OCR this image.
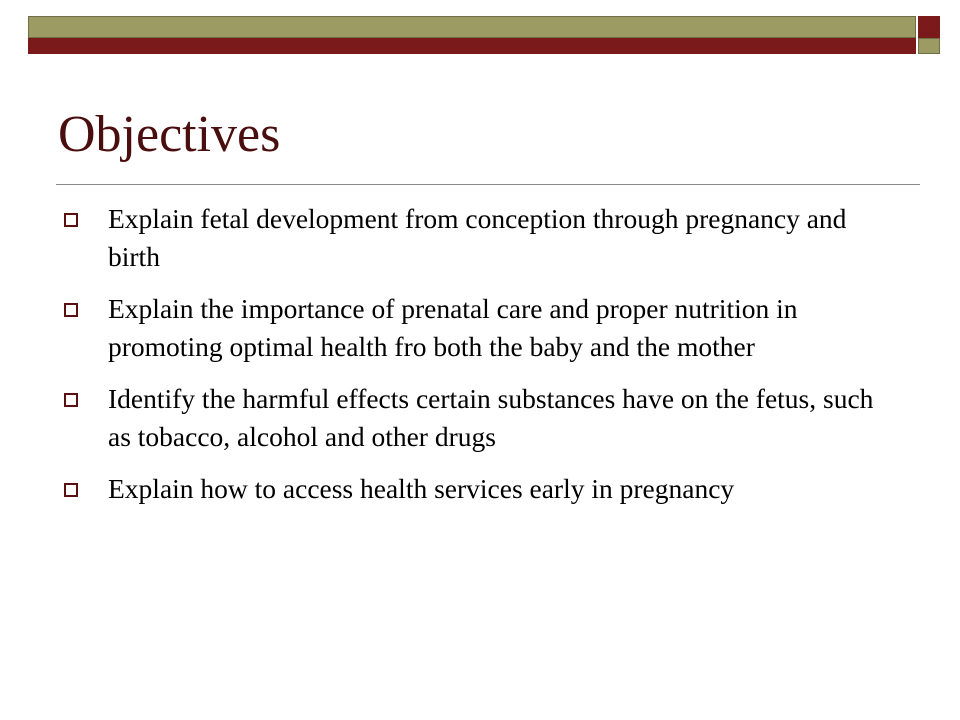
Objectives
Explain fetal development from conception through pregnancy and birth
Explain the importance of prenatal care and proper nutrition in promoting optimal health fro both the baby and the mother
Identify the harmful effects certain substances have on the fetus, such as tobacco, alcohol and other drugs
Explain how to access health services early in pregnancy
